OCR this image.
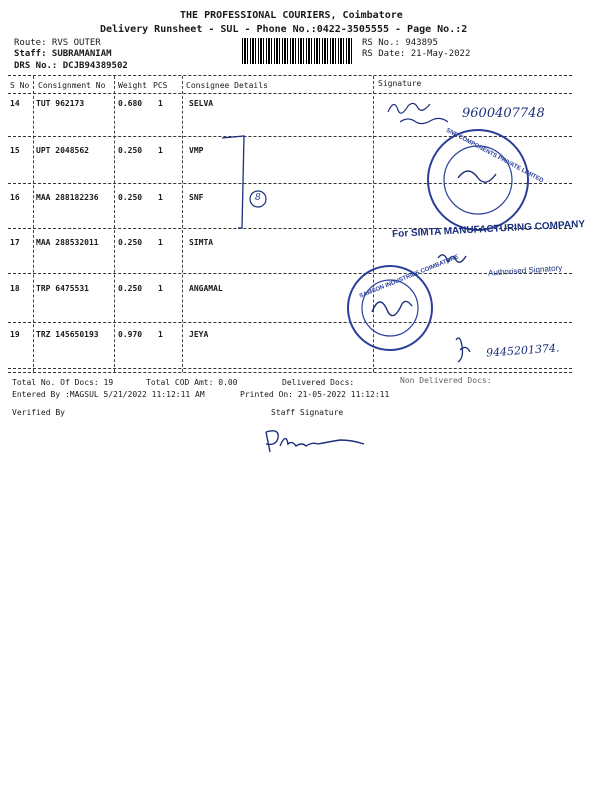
THE PROFESSIONAL COURIERS, Coimbatore
Delivery Runsheet - SUL - Phone No.:0422-3505555 - Page No.:2
Route: RVS OUTER
Staff: SUBRAMANIAM
DRS No.: DCJB94389502
RS No.: 943895
RS Date: 21-May-2022
S No Consignment No Weight PCS Consignee Details	Signature
14 TUT 962173	0.680 1	SELVA
15 UPT 2048562	0.250 1	VMP
16 MAA 288182236 0.250 1	SNF
17 MAA 288532011 0.250 1	SIMTA
18 TRP 6475531	0.250 1	ANGAMAL
19 TRZ 145650193 0.970 1	JEYA
9600407748
8
For SIMTA MANUFACTURING COMPANY
Authorised Signatory
SNF COMPONENTS PRIVATE LIMITED
SAMSON INDUSTRIES COIMBATORE
9445201374.
Total No. Of Docs: 19	Total COD Amt: 0.00	Delivered Docs:	Non Delivered Docs:
Entered By :MAGSUL 5/21/2022 11:12:11 AM	Printed On: 21-05-2022 11:12:11
Verified By	Staff Signature
